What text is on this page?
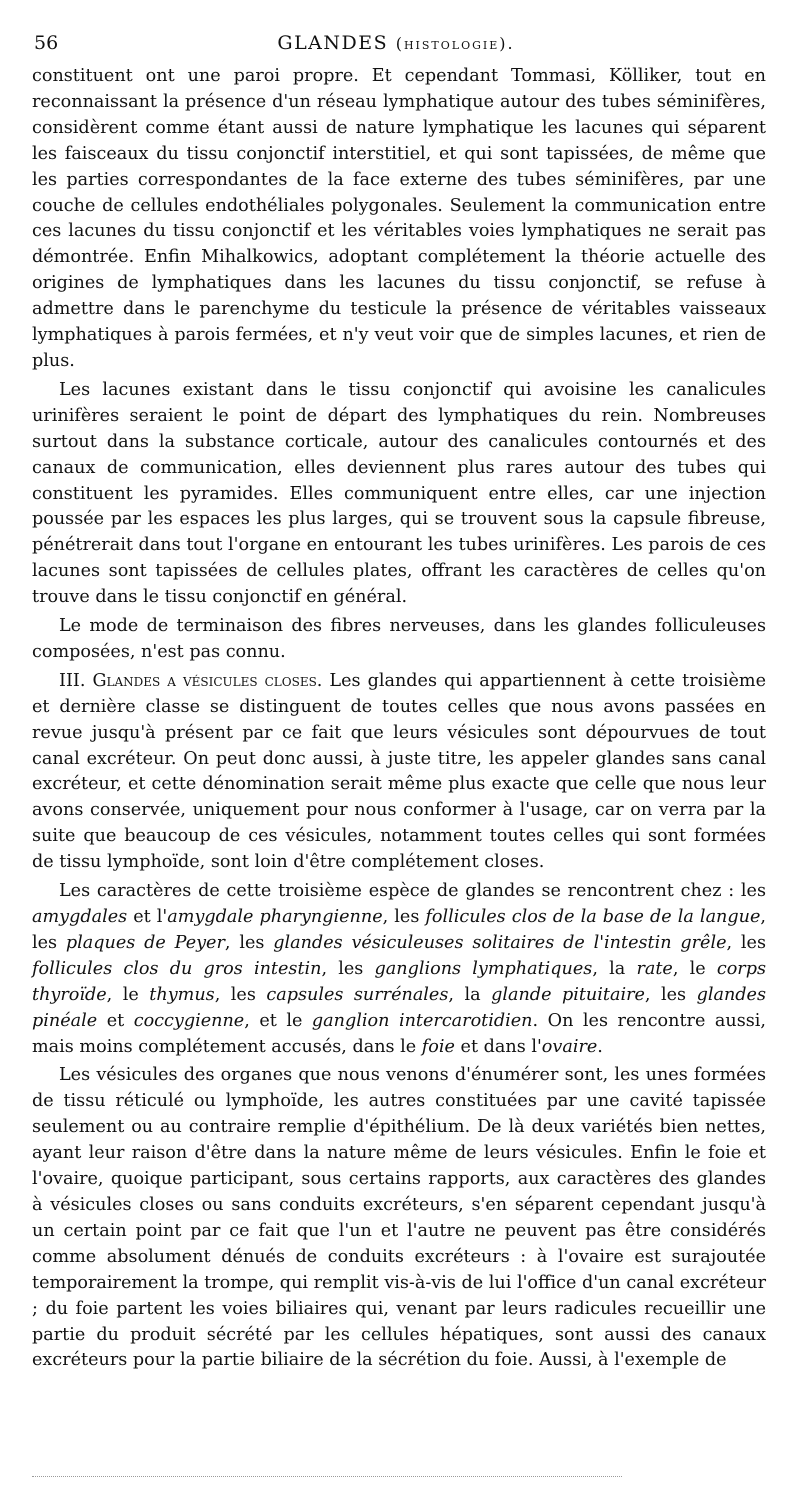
56	GLANDES (histologie).

constituent ont une paroi propre. Et cependant Tommasi, Kölliker, tout en reconnaissant la présence d'un réseau lymphatique autour des tubes séminifères, considèrent comme étant aussi de nature lymphatique les lacunes qui séparent les faisceaux du tissu conjonctif interstitiel, et qui sont tapissées, de même que les parties correspondantes de la face externe des tubes séminifères, par une couche de cellules endothéliales polygonales. Seulement la communication entre ces lacunes du tissu conjonctif et les véritables voies lymphatiques ne serait pas démontrée. Enfin Mihalkowics, adoptant complétement la théorie actuelle des origines de lymphatiques dans les lacunes du tissu conjonctif, se refuse à admettre dans le parenchyme du testicule la présence de véritables vaisseaux lymphatiques à parois fermées, et n'y veut voir que de simples lacunes, et rien de plus.

Les lacunes existant dans le tissu conjonctif qui avoisine les canalicules urinifères seraient le point de départ des lymphatiques du rein. Nombreuses surtout dans la substance corticale, autour des canalicules contournés et des canaux de communication, elles deviennent plus rares autour des tubes qui constituent les pyramides. Elles communiquent entre elles, car une injection poussée par les espaces les plus larges, qui se trouvent sous la capsule fibreuse, pénétrerait dans tout l'organe en entourant les tubes urinifères. Les parois de ces lacunes sont tapissées de cellules plates, offrant les caractères de celles qu'on trouve dans le tissu conjonctif en général.

Le mode de terminaison des fibres nerveuses, dans les glandes folliculeuses composées, n'est pas connu.

III. Glandes a vésicules closes. Les glandes qui appartiennent à cette troisième et dernière classe se distinguent de toutes celles que nous avons passées en revue jusqu'à présent par ce fait que leurs vésicules sont dépourvues de tout canal excréteur. On peut donc aussi, à juste titre, les appeler glandes sans canal excréteur, et cette dénomination serait même plus exacte que celle que nous leur avons conservée, uniquement pour nous conformer à l'usage, car on verra par la suite que beaucoup de ces vésicules, notamment toutes celles qui sont formées de tissu lymphoïde, sont loin d'être complétement closes.

Les caractères de cette troisième espèce de glandes se rencontrent chez : les amygdales et l'amygdale pharyngienne, les follicules clos de la base de la langue, les plaques de Peyer, les glandes vésiculeuses solitaires de l'intestin grêle, les follicules clos du gros intestin, les ganglions lymphatiques, la rate, le corps thyroïde, le thymus, les capsules surrénales, la glande pituitaire, les glandes pinéale et coccygienne, et le ganglion intercarotidien. On les rencontre aussi, mais moins complétement accusés, dans le foie et dans l'ovaire.

Les vésicules des organes que nous venons d'énumérer sont, les unes formées de tissu réticulé ou lymphoïde, les autres constituées par une cavité tapissée seulement ou au contraire remplie d'épithélium. De là deux variétés bien nettes, ayant leur raison d'être dans la nature même de leurs vésicules. Enfin le foie et l'ovaire, quoique participant, sous certains rapports, aux caractères des glandes à vésicules closes ou sans conduits excréteurs, s'en séparent cependant jusqu'à un certain point par ce fait que l'un et l'autre ne peuvent pas être considérés comme absolument dénués de conduits excréteurs : à l'ovaire est surajoutée temporairement la trompe, qui remplit vis-à-vis de lui l'office d'un canal excréteur ; du foie partent les voies biliaires qui, venant par leurs radicules recueillir une partie du produit sécrété par les cellules hépatiques, sont aussi des canaux excréteurs pour la partie biliaire de la sécrétion du foie. Aussi, à l'exemple de
